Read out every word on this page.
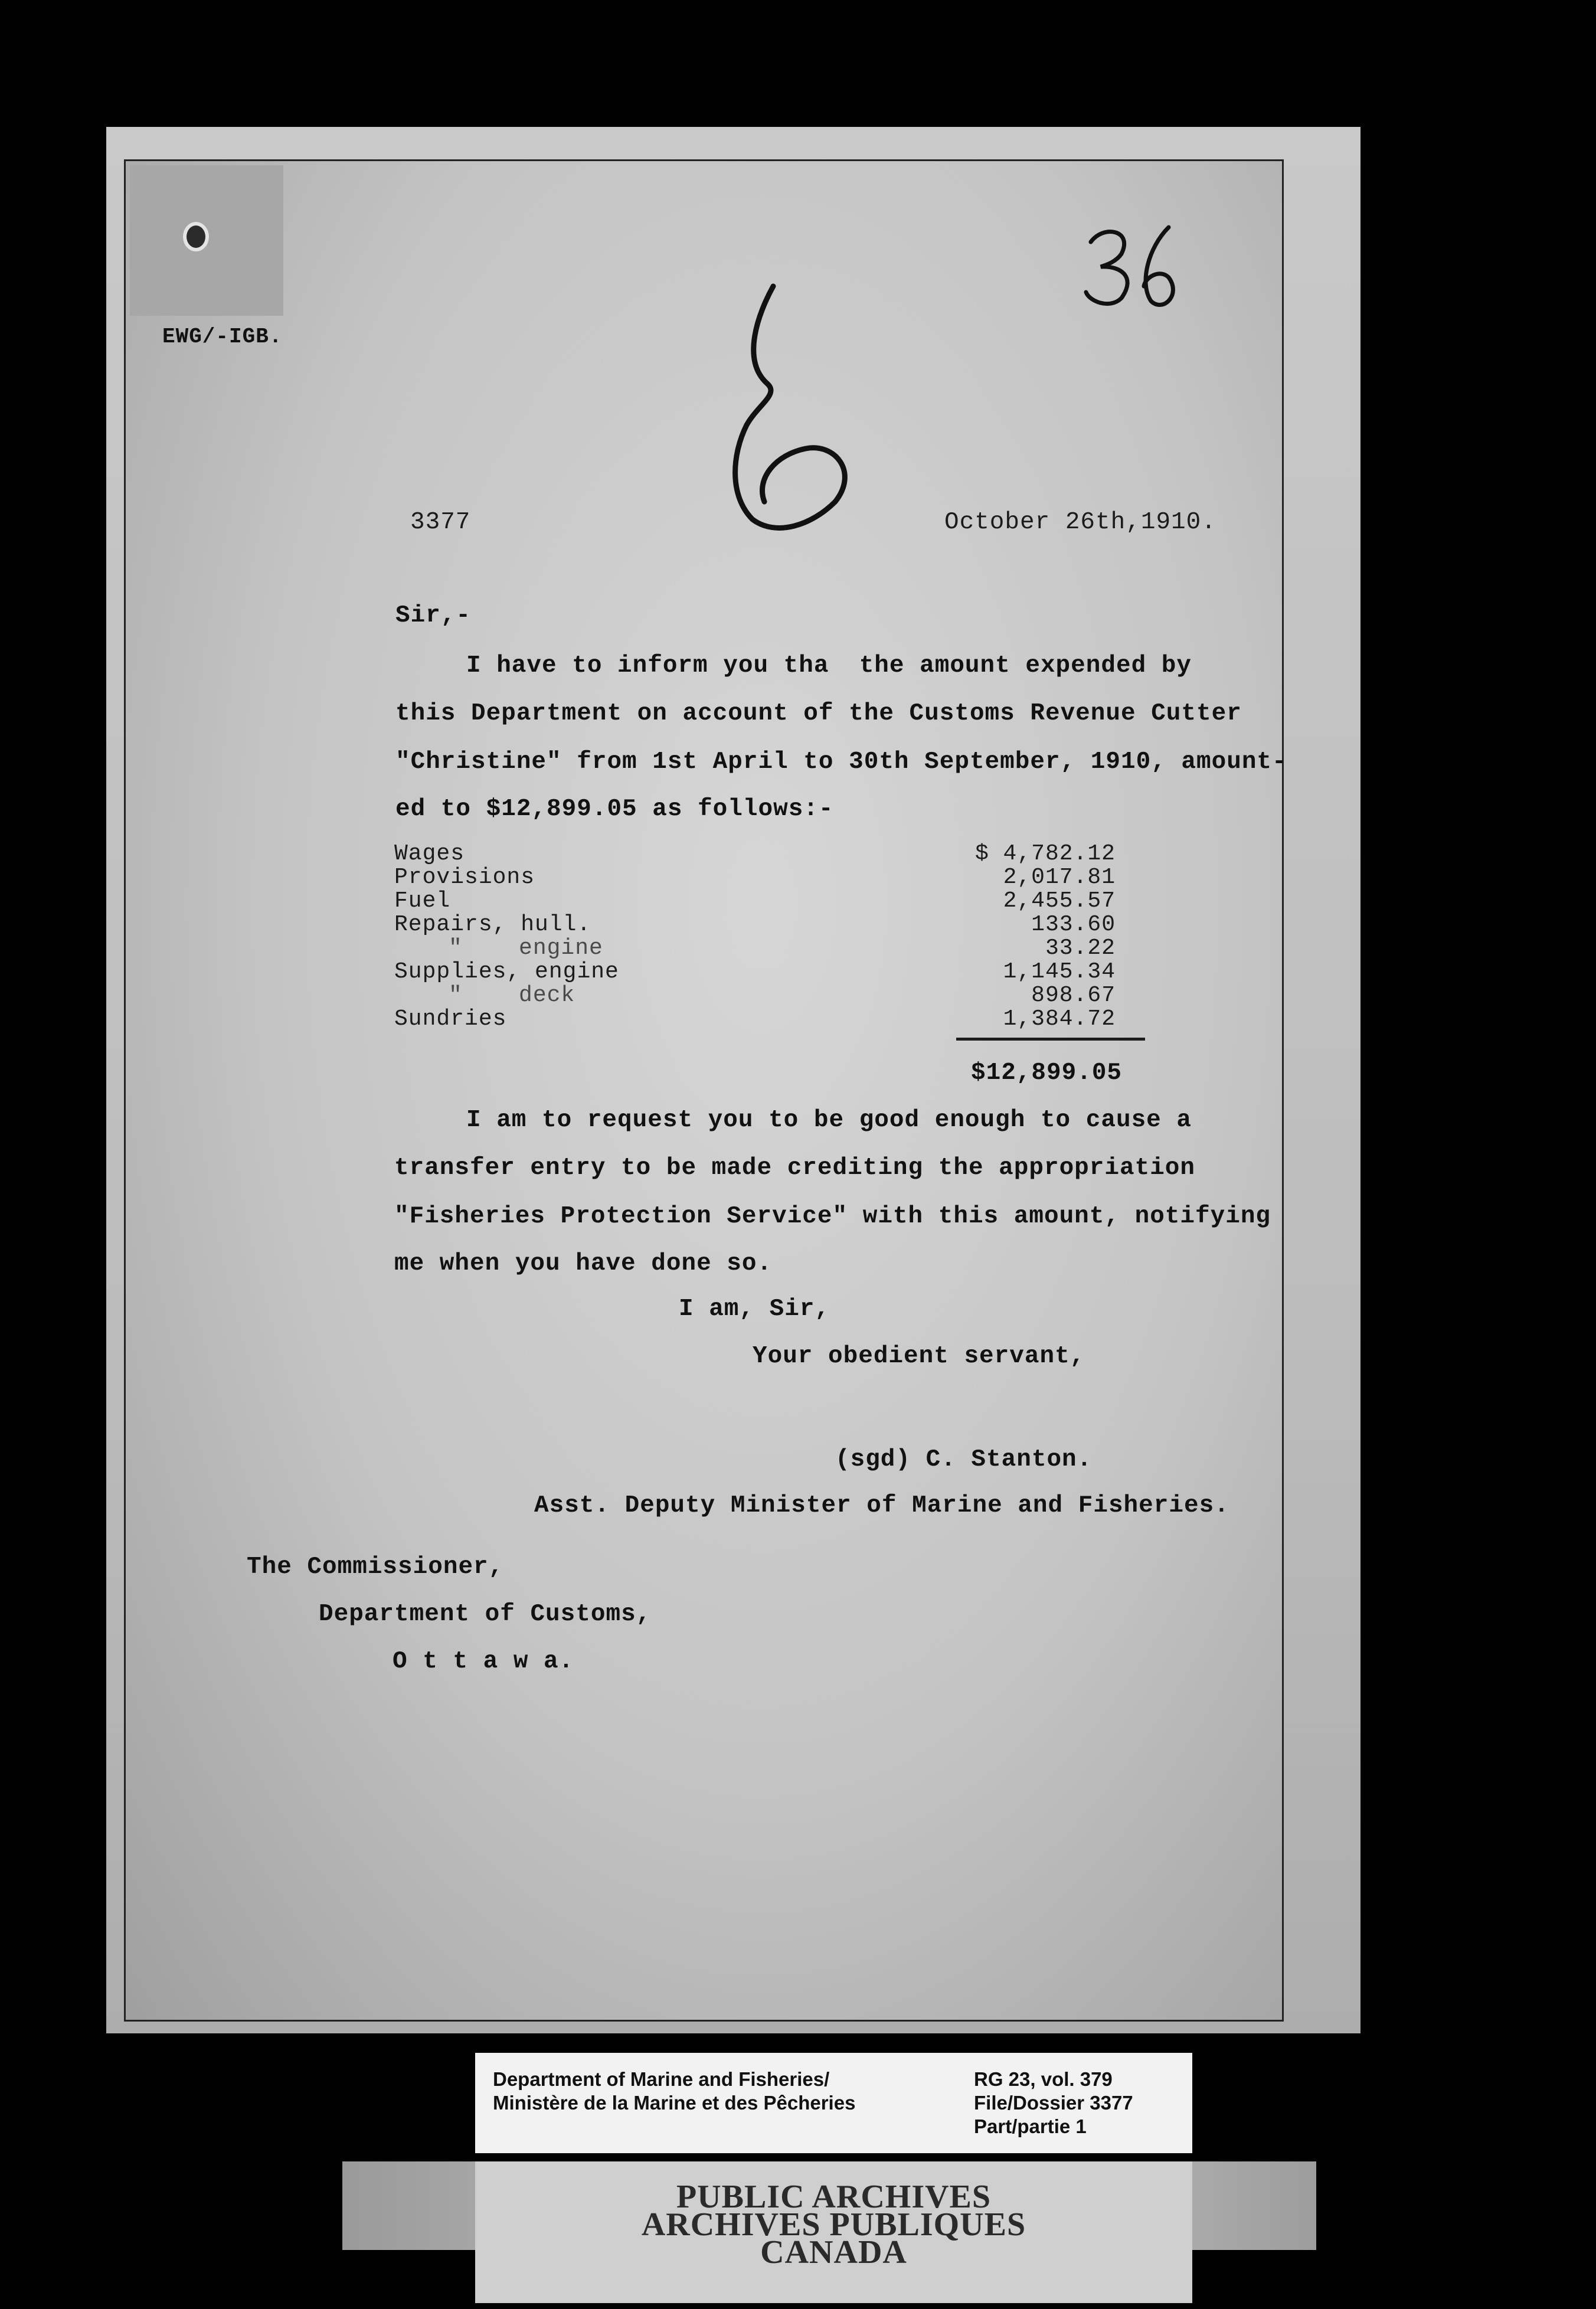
EWG/-IGB.
3377	October 26th,1910.
Sir,-
I have to inform you tha  the amount expended by
this Department on account of the Customs Revenue Cutter
"Christine" from 1st April to 30th September, 1910, amount-
ed to $12,899.05 as follows:-
Wages	$ 4,782.12
Provisions	2,017.81
Fuel	2,455.57
Repairs, hull.	133.60
"    engine	33.22
Supplies, engine	1,145.34
"    deck	898.67
Sundries	1,384.72
$12,899.05
I am to request you to be good enough to cause a
transfer entry to be made crediting the appropriation
"Fisheries Protection Service" with this amount, notifying
me when you have done so.
I am, Sir,
Your obedient servant,
(sgd) C. Stanton.
Asst. Deputy Minister of Marine and Fisheries.
The Commissioner,
Department of Customs,
O t t a w a.
Department of Marine and Fisheries/
Ministère de la Marine et des Pêcheries
RG 23, vol. 379
File/Dossier 3377
Part/partie 1
PUBLIC ARCHIVES
ARCHIVES PUBLIQUES
CANADA
